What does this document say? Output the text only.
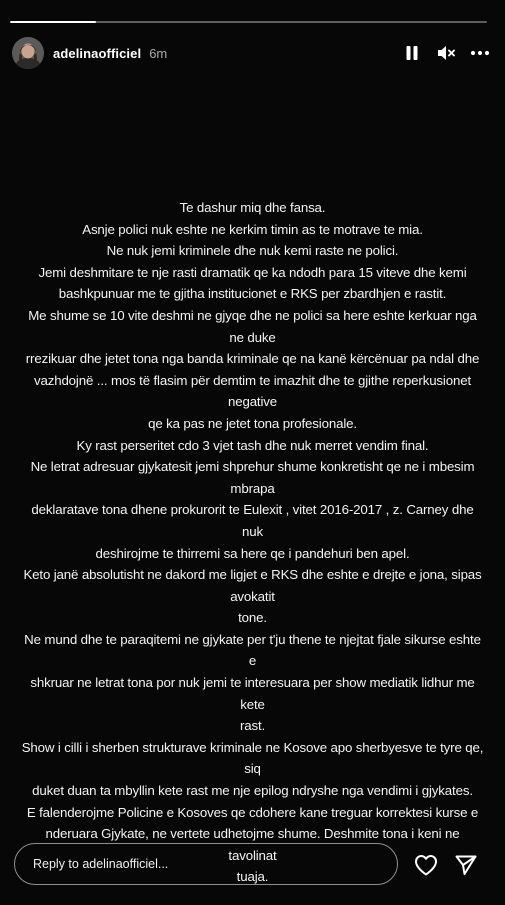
adelinaofficiel 6m

Te dashur miq dhe fansa.

Asnje polici nuk eshte ne kerkim timin as te motrave te mia.

Ne nuk jemi kriminele dhe nuk kemi raste ne polici.

Jemi deshmitare te nje rasti dramatik qe ka ndodh para 15 viteve dhe kemi

bashkpunuar me te gjitha institucionet e RKS per zbardhjen e rastit.

Me shume se 10 vite deshmi ne gjyqe dhe ne polici sa here eshte kerkuar nga ne duke

rrezikuar dhe jetet tona nga banda kriminale qe na kanë kërcënuar pa ndal dhe

vazhdojnë ... mos të flasim për demtim te imazhit dhe te gjithe reperkusionet negative

qe ka pas ne jetet tona profesionale.

Ky rast perseritet cdo 3 vjet tash dhe nuk merret vendim final.

Ne letrat adresuar gjykatesit jemi shprehur shume konkretisht qe ne i mbesim mbrapa

deklaratave tona dhene prokurorit te Eulexit , vitet 2016-2017 , z. Carney dhe nuk

deshirojme te thirremi sa here qe i pandehuri ben apel.

Keto janë absolutisht ne dakord me ligjet e RKS dhe eshte e drejte e jona, sipas avokatit

tone.

Ne mund dhe te paraqitemi ne gjykate per t'ju thene te njejtat fjale sikurse eshte e

shkruar ne letrat tona por nuk jemi te interesuara per show mediatik lidhur me kete

rast.

Show i cilli i sherben strukturave kriminale ne Kosove apo sherbyesve te tyre qe, siq

duket duan ta mbyllin kete rast me nje epilog ndryshe nga vendimi i gjykates.

E falenderojme Policine e Kosoves qe cdohere kane treguar korrektesi kurse e

nderuara Gjykate, ne vertete udhetojme shume. Deshmite tona i keni ne tavolinat

tuaja.

Reply to adelinaofficiel...
